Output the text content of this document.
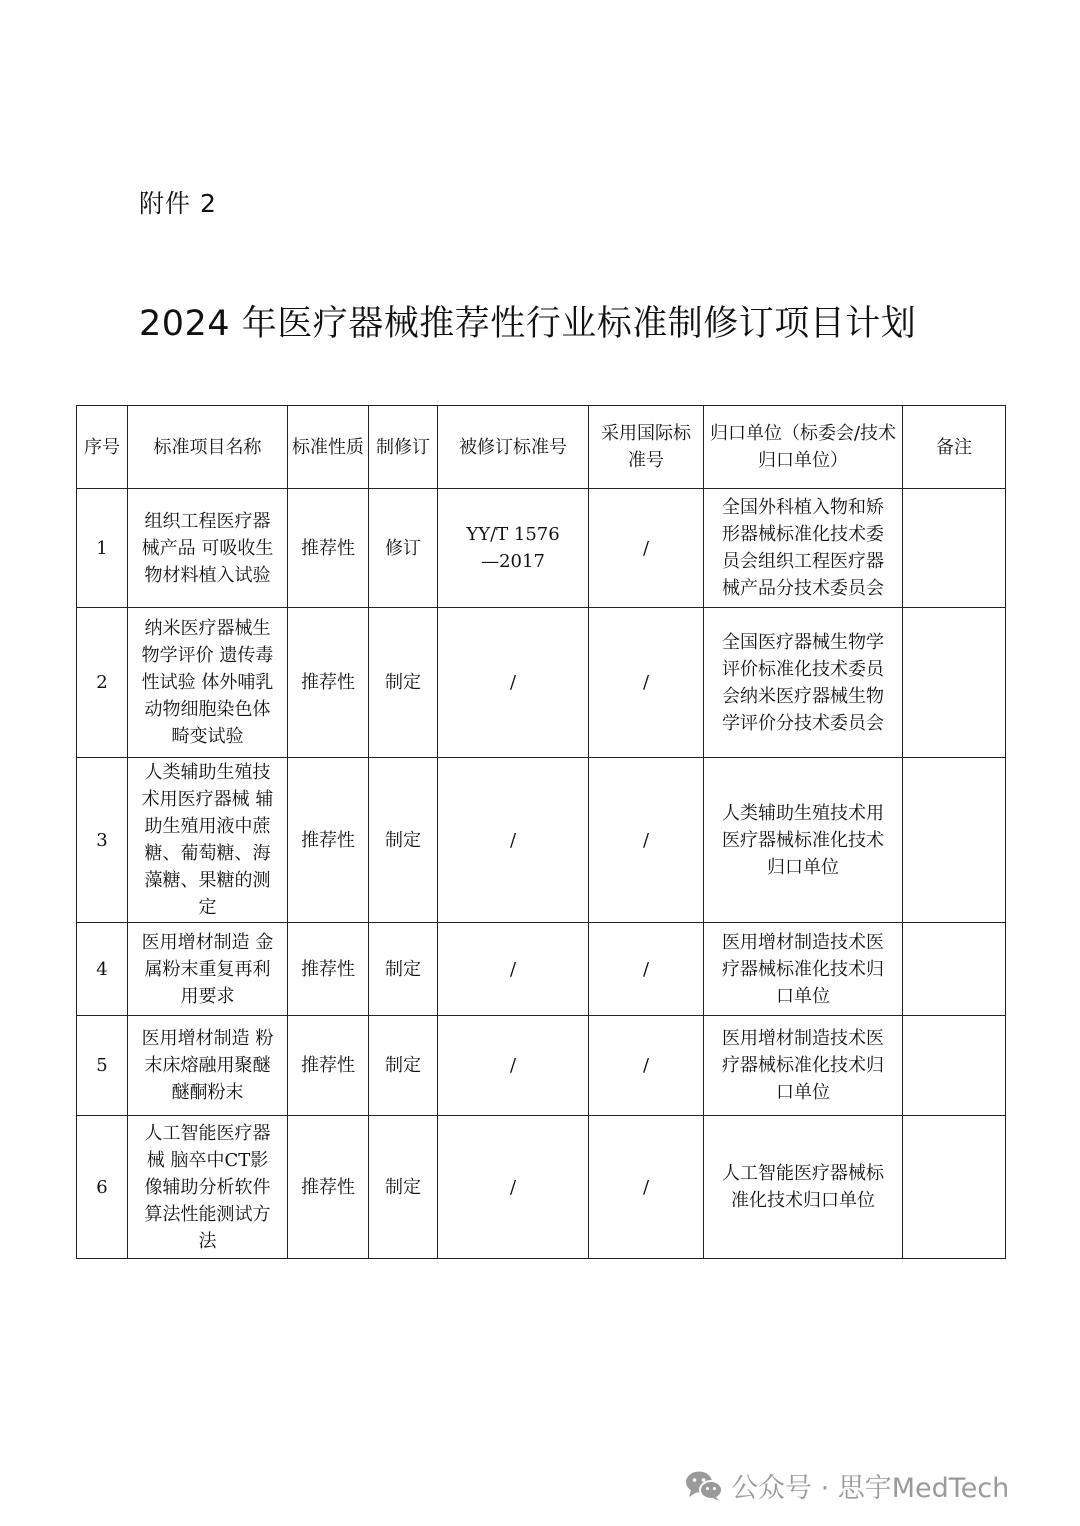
附件 2
2024 年医疗器械推荐性行业标准制修订项目计划
序号	标准项目名称	标准性质	制修订	被修订标准号	采用国际标准号	归口单位（标委会/技术归口单位）	备注
1	组织工程医疗器械产品 可吸收生物材料植入试验	推荐性	修订	YY/T 1576—2017	/	全国外科植入物和矫形器械标准化技术委员会组织工程医疗器械产品分技术委员会	
2	纳米医疗器械生物学评价 遗传毒性试验 体外哺乳动物细胞染色体畸变试验	推荐性	制定	/	/	全国医疗器械生物学评价标准化技术委员会纳米医疗器械生物学评价分技术委员会	
3	人类辅助生殖技术用医疗器械 辅助生殖用液中蔗糖、葡萄糖、海藻糖、果糖的测定	推荐性	制定	/	/	人类辅助生殖技术用医疗器械标准化技术归口单位	
4	医用增材制造 金属粉末重复再利用要求	推荐性	制定	/	/	医用增材制造技术医疗器械标准化技术归口单位	
5	医用增材制造 粉末床熔融用聚醚醚酮粉末	推荐性	制定	/	/	医用增材制造技术医疗器械标准化技术归口单位	
6	人工智能医疗器械 脑卒中CT影像辅助分析软件算法性能测试方法	推荐性	制定	/	/	人工智能医疗器械标准化技术归口单位	
公众号 · 思宇MedTech
